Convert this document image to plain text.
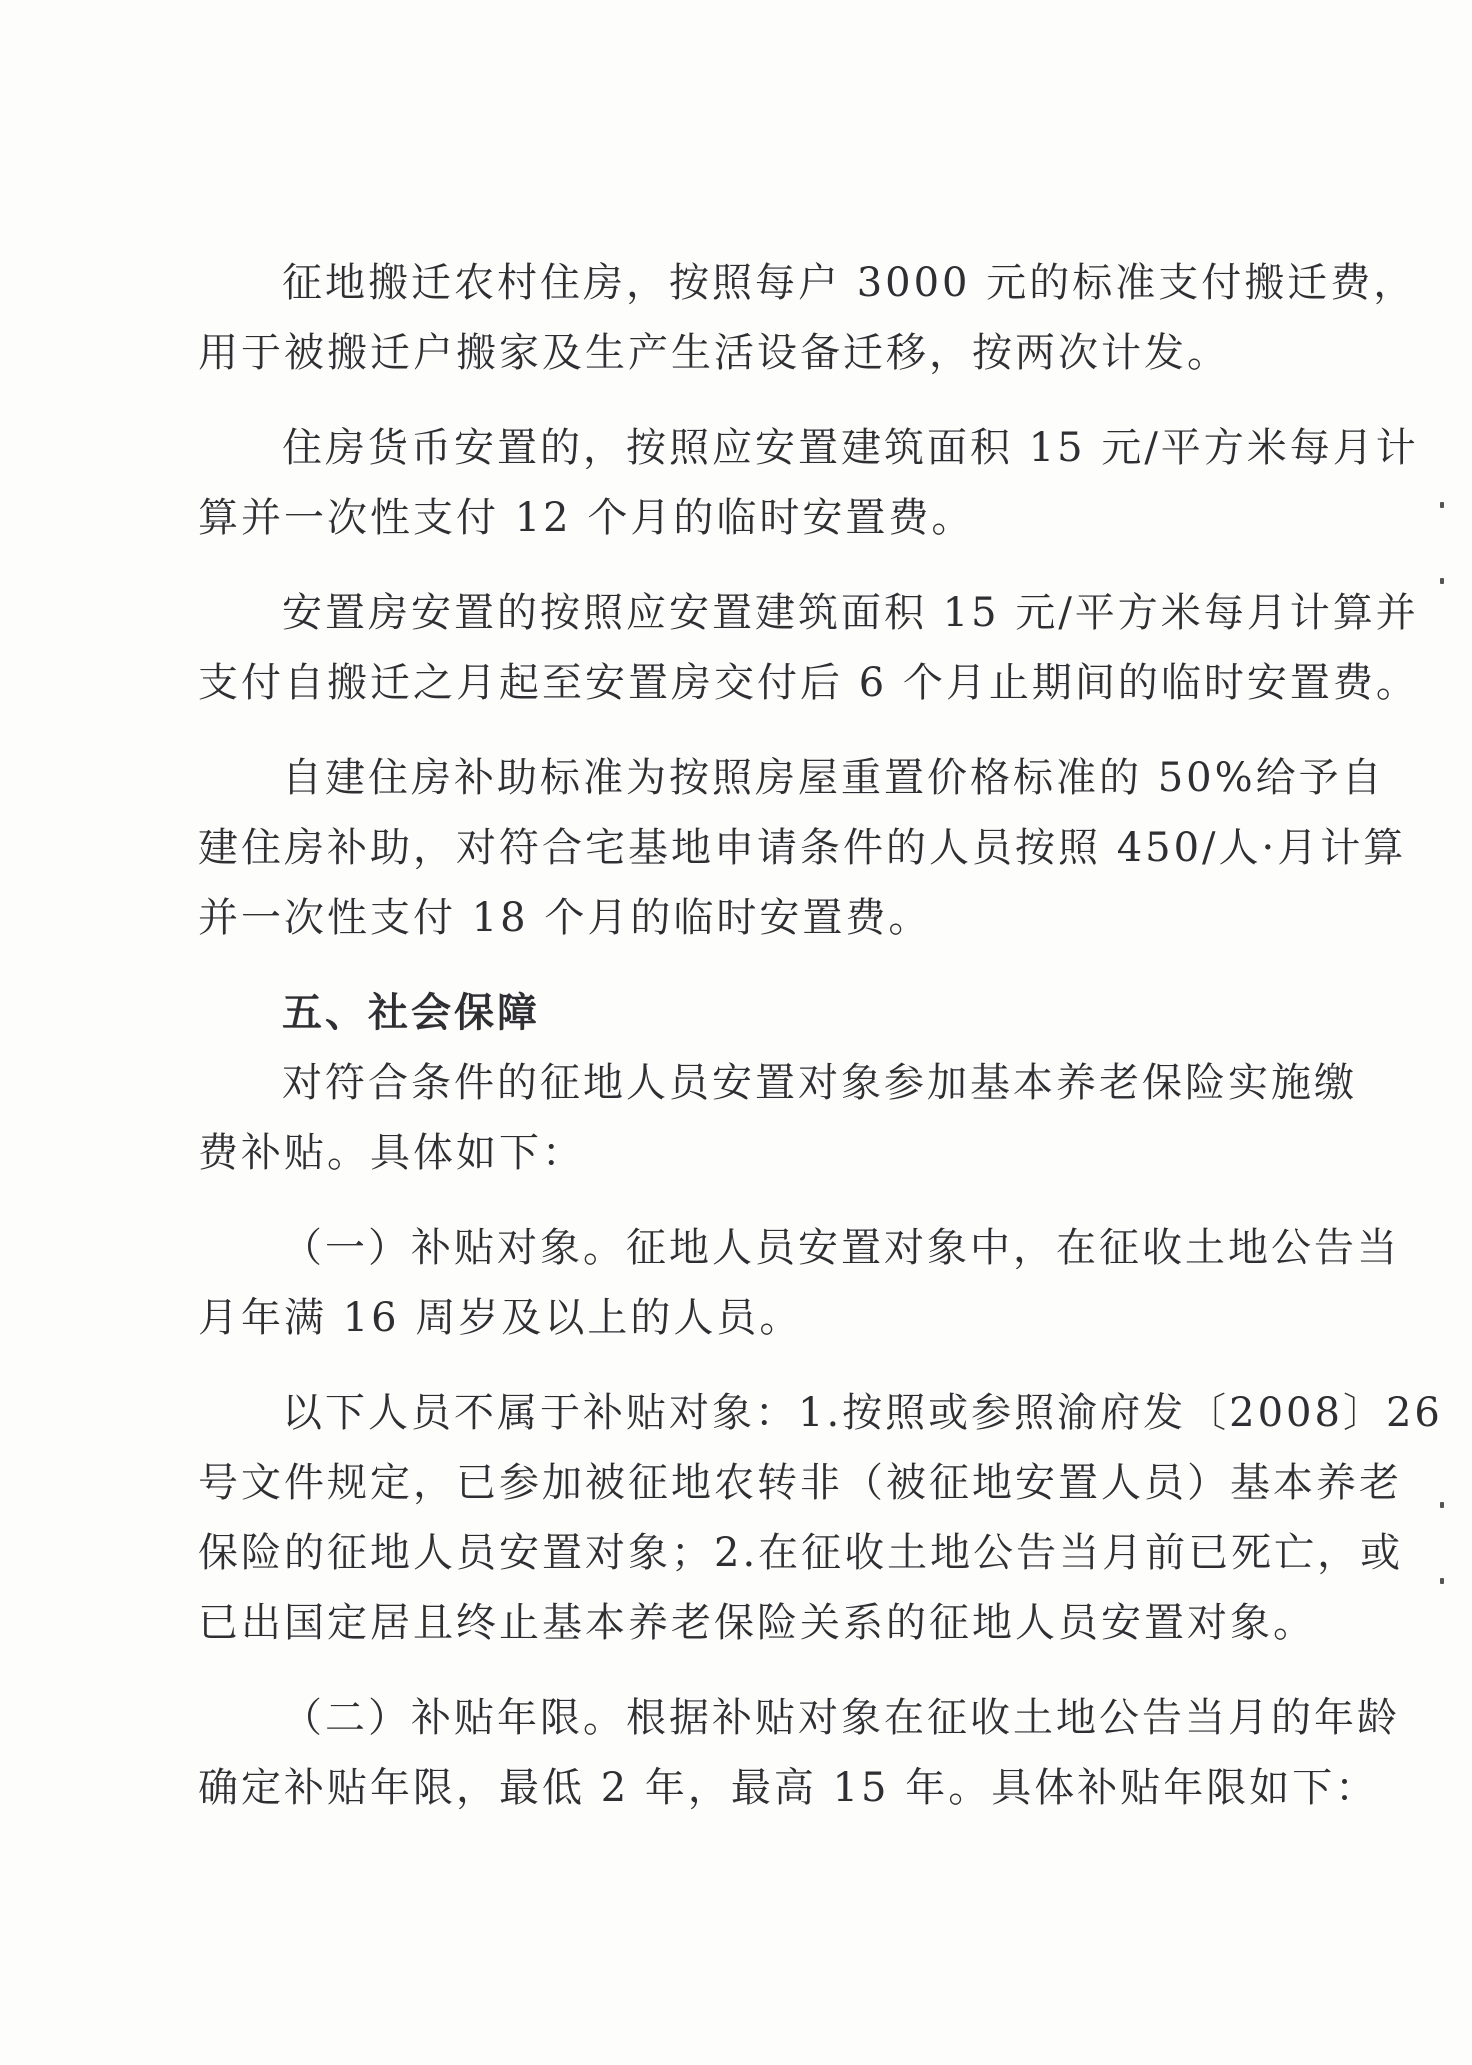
征地搬迁农村住房，按照每户 3000 元的标准支付搬迁费，
用于被搬迁户搬家及生产生活设备迁移，按两次计发。

住房货币安置的，按照应安置建筑面积 15 元/平方米每月计
算并一次性支付 12 个月的临时安置费。

安置房安置的按照应安置建筑面积 15 元/平方米每月计算并
支付自搬迁之月起至安置房交付后 6 个月止期间的临时安置费。

自建住房补助标准为按照房屋重置价格标准的 50%给予自
建住房补助，对符合宅基地申请条件的人员按照 450/人·月计算
并一次性支付 18 个月的临时安置费。

五、社会保障

对符合条件的征地人员安置对象参加基本养老保险实施缴
费补贴。具体如下：

（一）补贴对象。征地人员安置对象中，在征收土地公告当
月年满 16 周岁及以上的人员。

以下人员不属于补贴对象：1.按照或参照渝府发〔2008〕26
号文件规定，已参加被征地农转非（被征地安置人员）基本养老
保险的征地人员安置对象；2.在征收土地公告当月前已死亡，或
已出国定居且终止基本养老保险关系的征地人员安置对象。

（二）补贴年限。根据补贴对象在征收土地公告当月的年龄
确定补贴年限，最低 2 年，最高 15 年。具体补贴年限如下：
